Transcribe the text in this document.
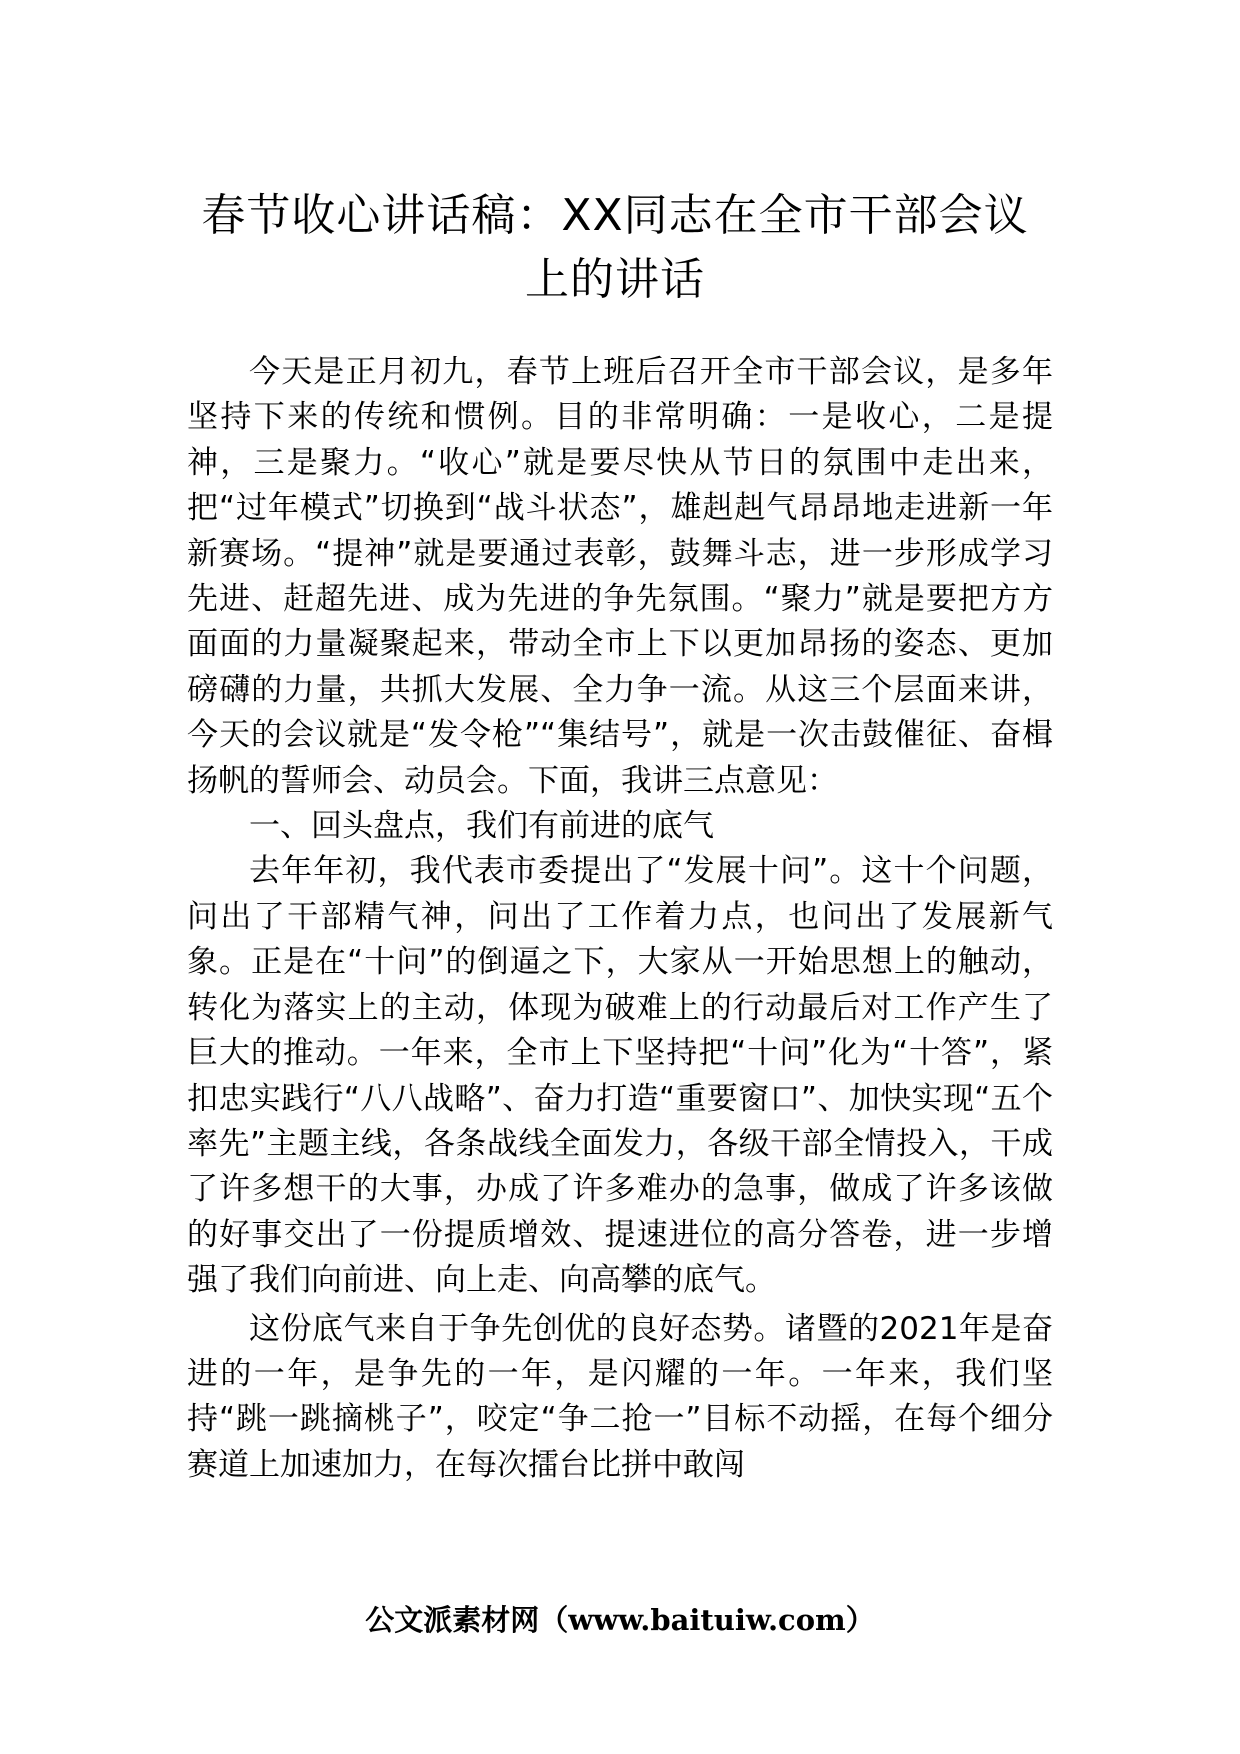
春节收心讲话稿：XX同志在全市干部会议
上的讲话

今天是正月初九，春节上班后召开全市干部会议，是多年坚持下来的传统和惯例。目的非常明确：一是收心，二是提神，三是聚力。“收心”就是要尽快从节日的氛围中走出来，把“过年模式”切换到“战斗状态”，雄赳赳气昂昂地走进新一年新赛场。“提神”就是要通过表彰，鼓舞斗志，进一步形成学习先进、赶超先进、成为先进的争先氛围。“聚力”就是要把方方面面的力量凝聚起来，带动全市上下以更加昂扬的姿态、更加磅礴的力量，共抓大发展、全力争一流。从这三个层面来讲，今天的会议就是“发令枪”“集结号”，就是一次击鼓催征、奋楫扬帆的誓师会、动员会。下面，我讲三点意见：

一、回头盘点，我们有前进的底气

去年年初，我代表市委提出了“发展十问”。这十个问题，问出了干部精气神，问出了工作着力点，也问出了发展新气象。正是在“十问”的倒逼之下，大家从一开始思想上的触动，转化为落实上的主动，体现为破难上的行动最后对工作产生了巨大的推动。一年来，全市上下坚持把“十问”化为“十答”，紧扣忠实践行“八八战略”、奋力打造“重要窗口”、加快实现“五个率先”主题主线，各条战线全面发力，各级干部全情投入，干成了许多想干的大事，办成了许多难办的急事，做成了许多该做的好事交出了一份提质增效、提速进位的高分答卷，进一步增强了我们向前进、向上走、向高攀的底气。

这份底气来自于争先创优的良好态势。诸暨的2021年是奋进的一年，是争先的一年，是闪耀的一年。一年来，我们坚持“跳一跳摘桃子”，咬定“争二抢一”目标不动摇，在每个细分赛道上加速加力，在每次擂台比拼中敢闯

公文派素材网（www.baituiw.com）
